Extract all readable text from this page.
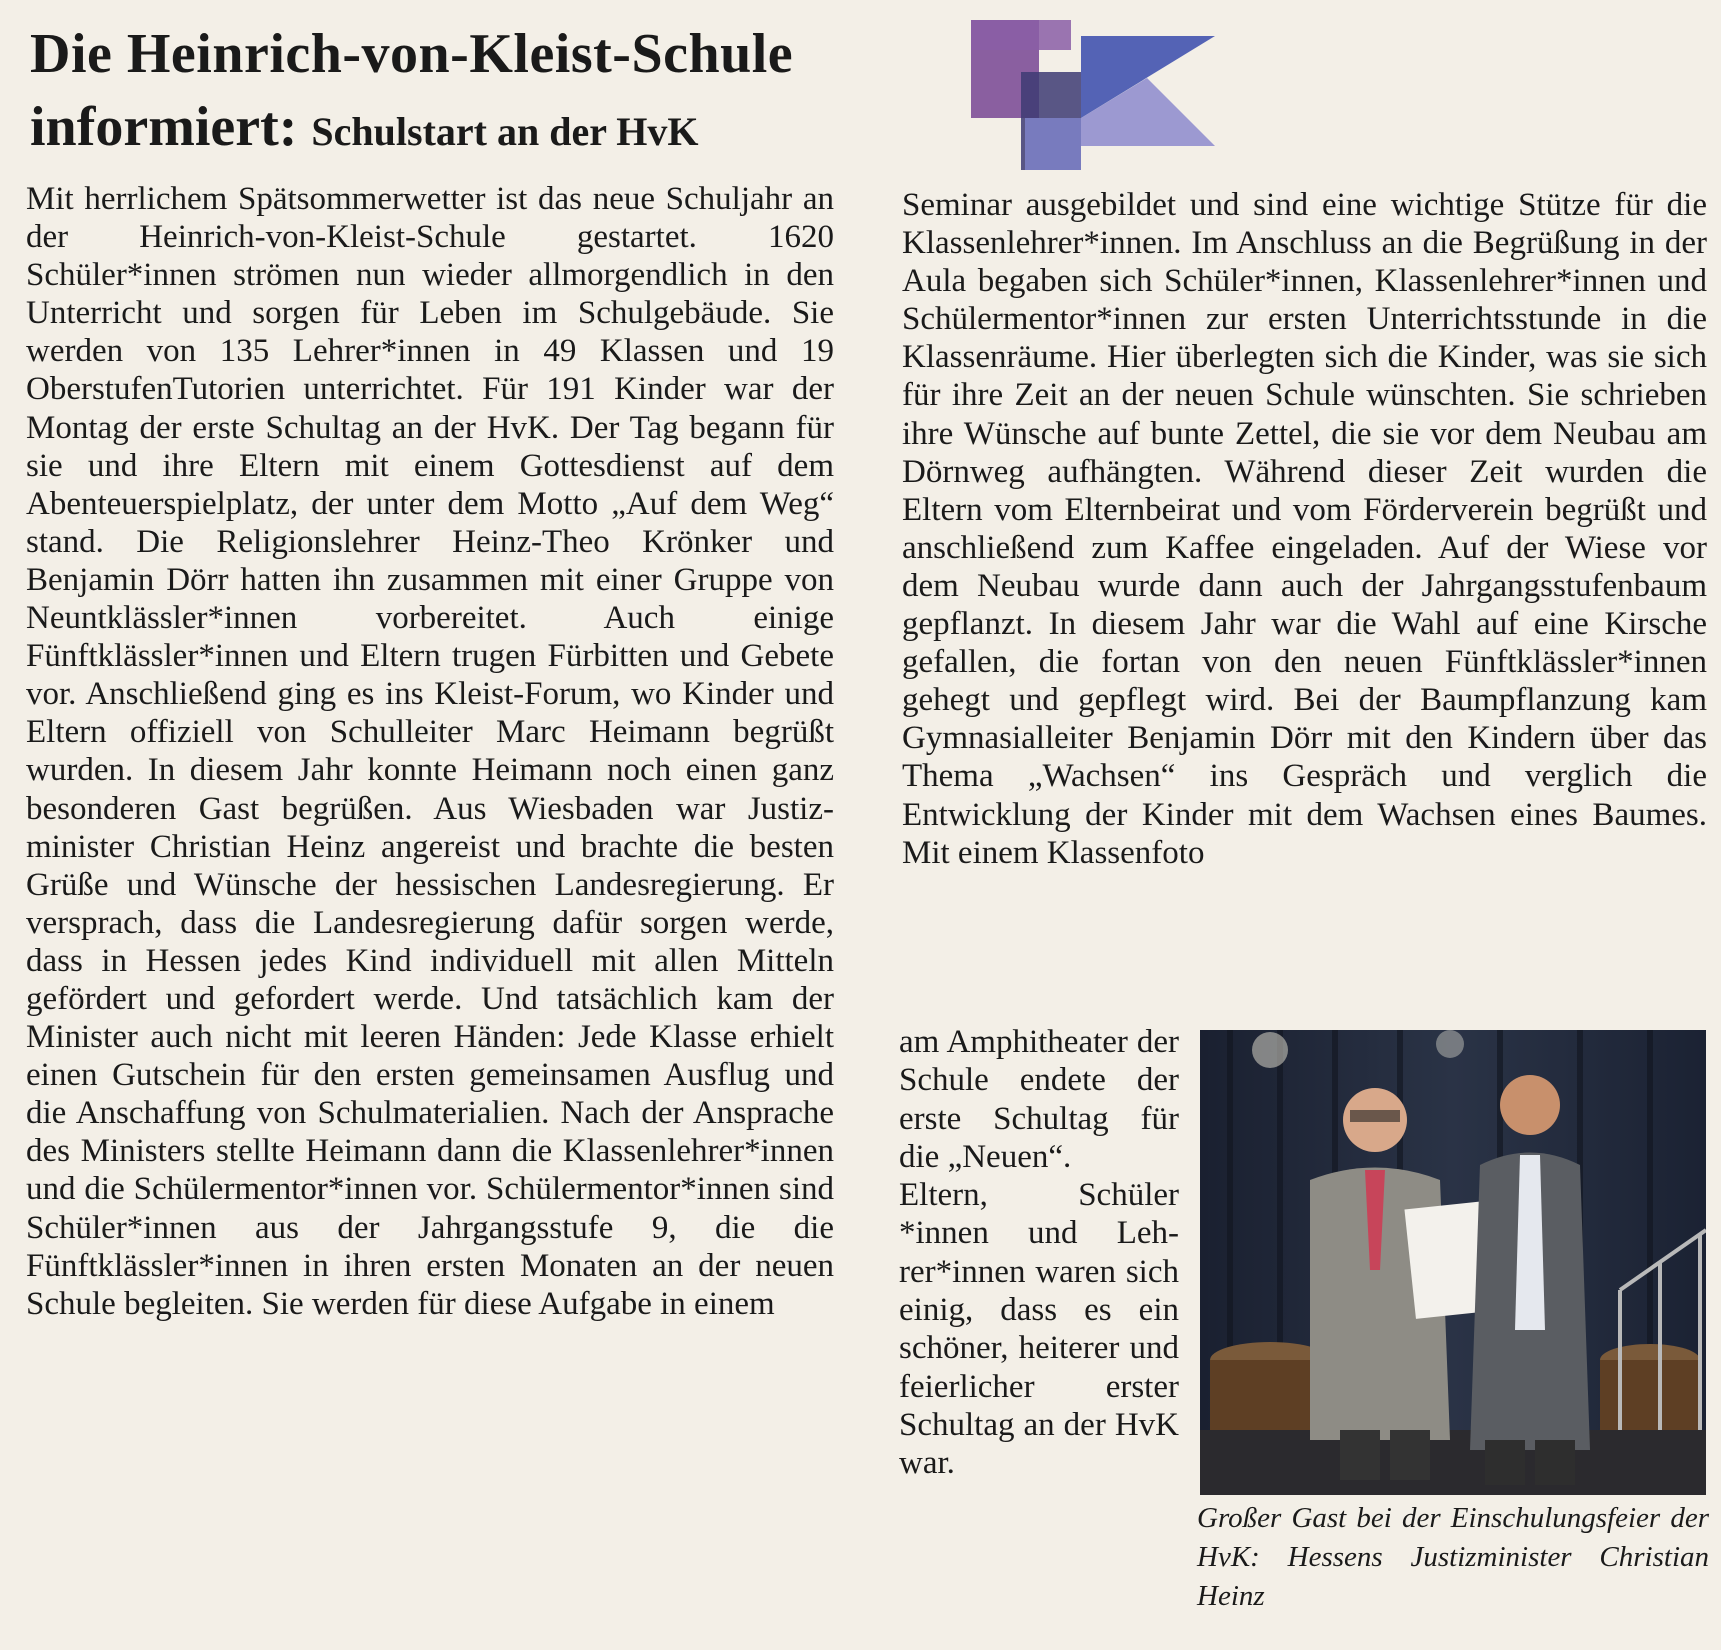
Die Heinrich-von-Kleist-Schule
informiert: Schulstart an der HvK

Mit herrlichem Spätsommerwetter ist das neue Schuljahr an der Heinrich-von-Kleist-Schule gestartet. 1620 Schüler*innen strömen nun wieder allmorgendlich in den Unterricht und sorgen für Leben im Schulgebäude. Sie werden von 135 Lehrer*innen in 49 Klassen und 19 OberstufenTutorien unterrichtet. Für 191 Kinder war der Montag der erste Schultag an der HvK. Der Tag begann für sie und ihre Eltern mit einem Gottesdienst auf dem Abenteuerspielplatz, der unter dem Motto „Auf dem Weg“ stand. Die Religionslehrer Heinz-Theo Krönker und Benjamin Dörr hatten ihn zusammen mit einer Gruppe von Neuntklässler*innen vorbereitet. Auch einige Fünftklässler*innen und Eltern trugen Fürbitten und Gebete vor. Anschließend ging es ins Kleist-Forum, wo Kinder und Eltern offiziell von Schulleiter Marc Heimann begrüßt wurden. In diesem Jahr konnte Heimann noch einen ganz besonderen Gast begrüßen. Aus Wiesbaden war Justizminister Christian Heinz angereist und brachte die besten Grüße und Wünsche der hessischen Landesregierung. Er versprach, dass die Landesregierung dafür sorgen werde, dass in Hessen jedes Kind individuell mit allen Mitteln gefördert und gefordert werde. Und tatsächlich kam der Minister auch nicht mit leeren Händen: Jede Klasse erhielt einen Gutschein für den ersten gemeinsamen Ausflug und die Anschaffung von Schulmaterialien. Nach der Ansprache des Ministers stellte Heimann dann die Klassenlehrer*innen und die Schülermentor*innen vor. Schülermentor*innen sind Schüler*innen aus der Jahrgangsstufe 9, die die Fünftklässler*innen in ihren ersten Monaten an der neuen Schule begleiten. Sie werden für diese Aufgabe in einem

Seminar ausgebildet und sind eine wichtige Stütze für die Klassenlehrer*innen. Im Anschluss an die Begrüßung in der Aula begaben sich Schüler*innen, Klassenlehrer*innen und Schülermentor*innen zur ersten Unterrichtsstunde in die Klassenräume. Hier überlegten sich die Kinder, was sie sich für ihre Zeit an der neuen Schule wünschten. Sie schrieben ihre Wünsche auf bunte Zettel, die sie vor dem Neubau am Dörnweg aufhängten. Während dieser Zeit wurden die Eltern vom Elternbeirat und vom Förderverein begrüßt und anschließend zum Kaffee eingeladen. Auf der Wiese vor dem Neubau wurde dann auch der Jahrgangsstufenbaum gepflanzt. In diesem Jahr war die Wahl auf eine Kirsche gefallen, die fortan von den neuen Fünftklässler*innen gehegt und gepflegt wird. Bei der Baumpflanzung kam Gymnasialleiter Benjamin Dörr mit den Kindern über das Thema „Wachsen“ ins Gespräch und verglich die Entwicklung der Kinder mit dem Wachsen eines Baumes. Mit einem Klassenfoto

am Amphitheater der Schule endete der erste Schultag für die „Neuen“.

Eltern, Schüler *innen und Lehrer*innen waren sich einig, dass es ein schöner, heiterer und feierlicher erster Schultag an der HvK war.

Großer Gast bei der Einschulungsfeier der HvK: Hessens Justizminister Christian Heinz
